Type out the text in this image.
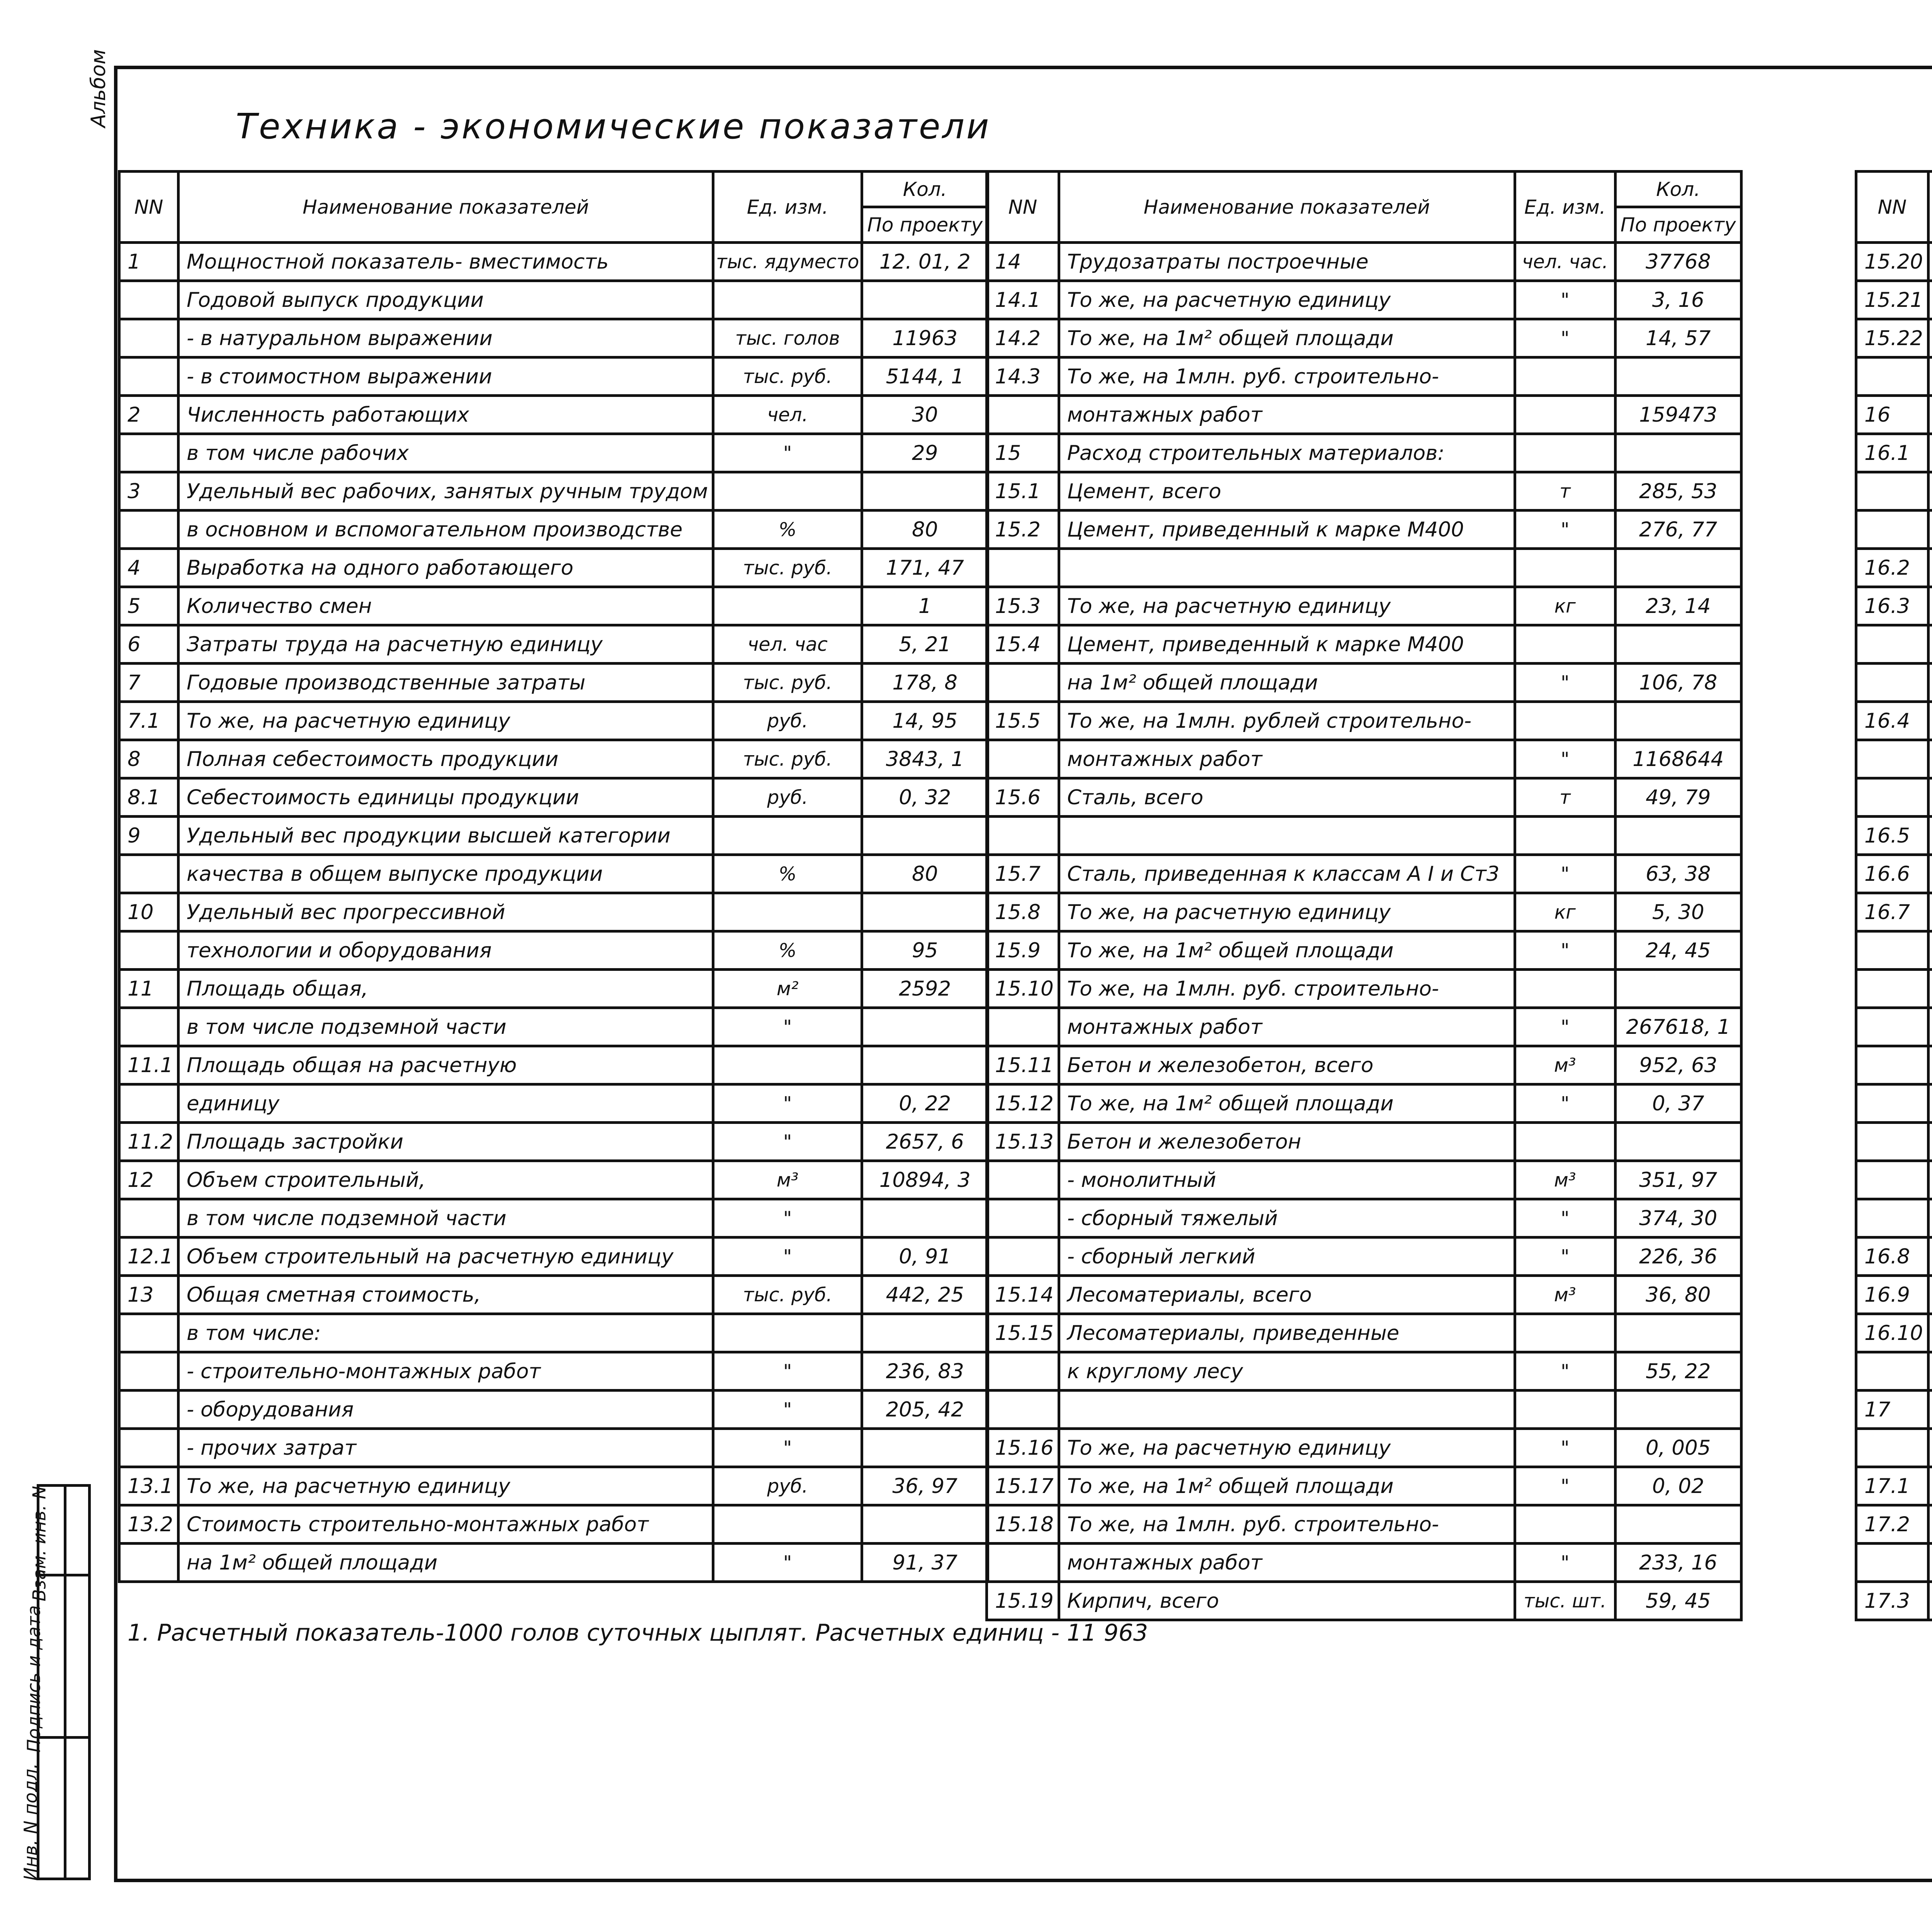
Альбом	Техника - экономические показатели
NN	Наименование показателей	Ед. изм.	Кол.
			По проекту
1	Мощностной показатель- вместимость	тыс. ядуместо	12. 01, 2
	Годовой выпуск продукции		
	- в натуральном выражении	тыс. голов	11963
	- в стоимостном выражении	тыс. руб.	5144, 1
2	Численность работающих	чел.	30
	в том числе рабочих	"	29
3	Удельный вес рабочих, занятых ручным трудом		
	в основном и вспомогательном производстве	%	80
4	Выработка на одного работающего	тыс. руб.	171, 47
5	Количество смен		1
6	Затраты труда на расчетную единицу	чел. час	5, 21
7	Годовые производственные затраты	тыс. руб.	178, 8
7.1	То же, на расчетную единицу	руб.	14, 95
8	Полная себестоимость продукции	тыс. руб.	3843, 1
8.1	Себестоимость единицы продукции	руб.	0, 32
9	Удельный вес продукции высшей категории		
	качества в общем выпуске продукции	%	80
10	Удельный вес прогрессивной		
	технологии и оборудования	%	95
11	Площадь общая,	м²	2592
	в том числе подземной части	"	
11.1	Площадь общая на расчетную		
	единицу	"	0, 22
11.2	Площадь застройки	"	2657, 6
12	Объем строительный,	м³	10894, 3
	в том числе подземной части	"	
12.1	Объем строительный на расчетную единицу	"	0, 91
13	Общая сметная стоимость,	тыс. руб.	442, 25
	в том числе:		
	- строительно-монтажных работ	"	236, 83
	- оборудования	"	205, 42
	- прочих затрат	"	
13.1	То же, на расчетную единицу	руб.	36, 97
13.2	Стоимость строительно-монтажных работ		
	на 1м² общей площади	"	91, 37
NN	Наименование показателей	Ед. изм.	Кол.
			По проекту
14	Трудозатраты построечные	чел. час.	37768
14.1	То же, на расчетную единицу	"	3, 16
14.2	То же, на 1м² общей площади	"	14, 57
14.3	То же, на 1млн. руб. строительно-		
	монтажных работ		159473
15	Расход строительных материалов:		
15.1	Цемент, всего	т	285, 53
15.2	Цемент, приведенный к марке М400	"	276, 77

15.3	То же, на расчетную единицу	кг	23, 14
15.4	Цемент, приведенный к марке М400		
	на 1м² общей площади	"	106, 78
15.5	То же, на 1млн. рублей строительно-		
	монтажных работ	"	1168644
15.6	Сталь, всего	т	49, 79

15.7	Сталь, приведенная к классам А I и Ст3	"	63, 38
15.8	То же, на расчетную единицу	кг	5, 30
15.9	То же, на 1м² общей площади	"	24, 45
15.10	То же, на 1млн. руб. строительно-		
	монтажных работ	"	267618, 1
15.11	Бетон и железобетон, всего	м³	952, 63
15.12	То же, на 1м² общей площади	"	0, 37
15.13	Бетон и железобетон		
	- монолитный	м³	351, 97
	- сборный тяжелый	"	374, 30
	- сборный легкий	"	226, 36
15.14	Лесоматериалы, всего	м³	36, 80
15.15	Лесоматериалы, приведенные		
	к круглому лесу	"	55, 22

15.16	То же, на расчетную единицу	"	0, 005
15.17	То же, на 1м² общей площади	"	0, 02
15.18	То же, на 1млн. руб. строительно-		
	монтажных работ	"	233, 16
15.19	Кирпич, всего	тыс. шт.	59, 45
NN			

15.20			
15.21			
15.22			

16			
16.1			

16.2			
16.3			

16.4			

16.5			
16.6			
16.7			

16.8			
16.9			
16.10			

17			

17.1			
17.2			

17.3			
1. Расчетный показатель-1000 голов суточных цыплят. Расчетных единиц - 11 963
Инв. N подл.
Подпись и дата
Взам. инв. N
